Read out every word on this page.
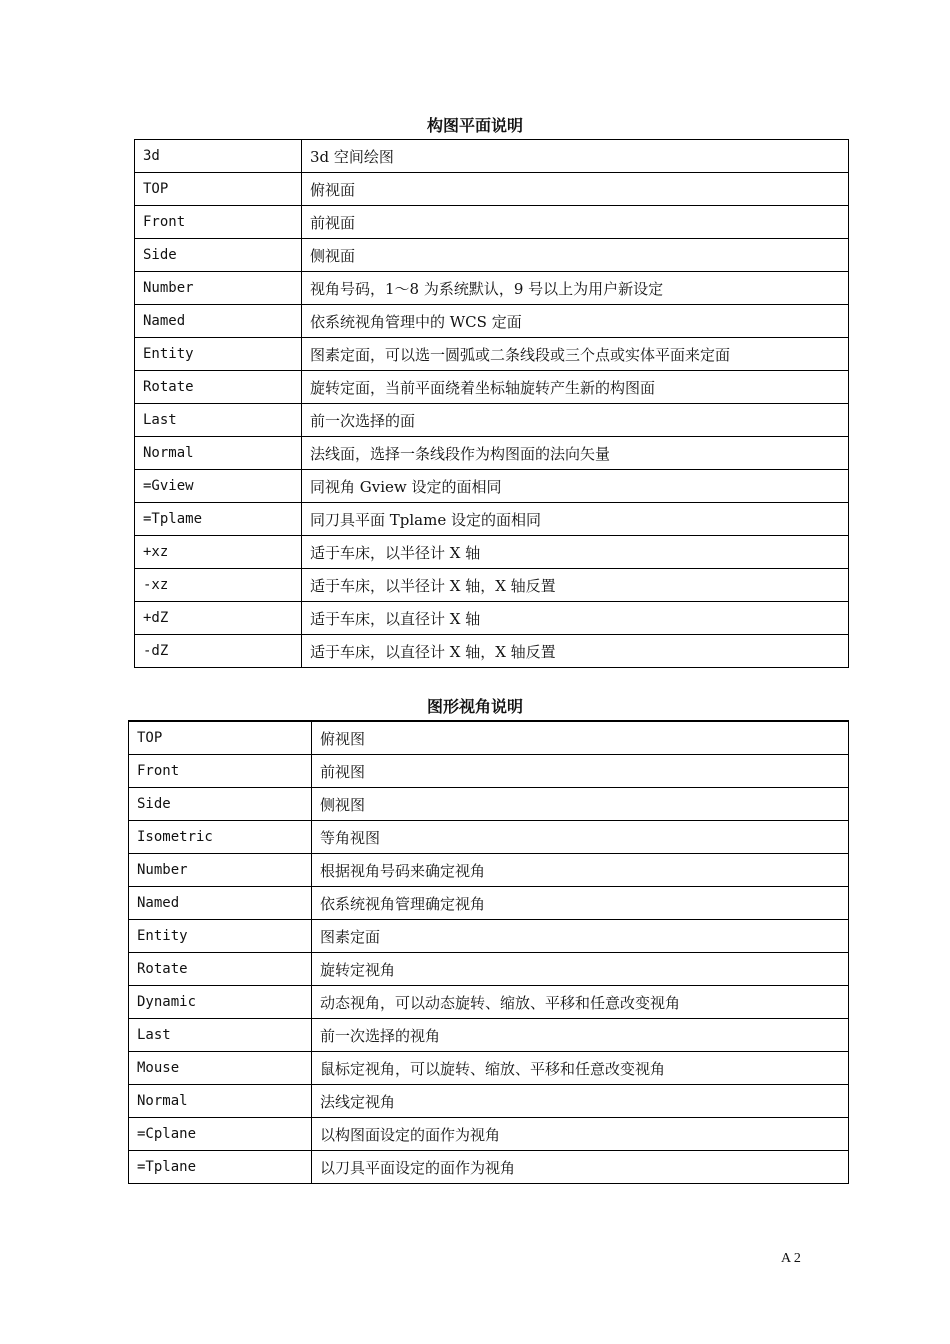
构图平面说明
3d	3d 空间绘图
TOP	俯视面
Front	前视面
Side	侧视面
Number	视角号码，1～8 为系统默认，9 号以上为用户新设定
Named	依系统视角管理中的 WCS 定面
Entity	图素定面，可以选一圆弧或二条线段或三个点或实体平面来定面
Rotate	旋转定面，当前平面绕着坐标轴旋转产生新的构图面
Last	前一次选择的面
Normal	法线面，选择一条线段作为构图面的法向矢量
=Gview	同视角 Gview 设定的面相同
=Tplame	同刀具平面 Tplame 设定的面相同
+xz	适于车床，以半径计 X 轴
-xz	适于车床，以半径计 X 轴，X 轴反置
+dZ	适于车床，以直径计 X 轴
-dZ	适于车床，以直径计 X 轴，X 轴反置
图形视角说明
TOP	俯视图
Front	前视图
Side	侧视图
Isometric	等角视图
Number	根据视角号码来确定视角
Named	依系统视角管理确定视角
Entity	图素定面
Rotate	旋转定视角
Dynamic	动态视角，可以动态旋转、缩放、平移和任意改变视角
Last	前一次选择的视角
Mouse	鼠标定视角，可以旋转、缩放、平移和任意改变视角
Normal	法线定视角
=Cplane	以构图面设定的面作为视角
=Tplane	以刀具平面设定的面作为视角
A 2
